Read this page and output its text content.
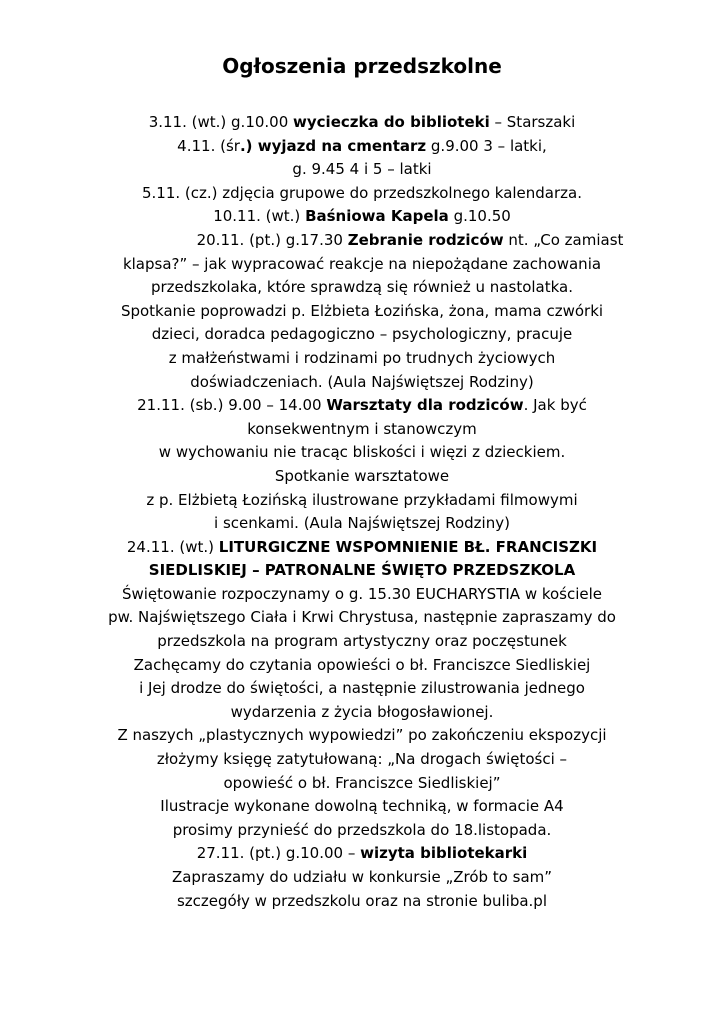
Ogłoszenia przedszkolne
3.11. (wt.) g.10.00 wycieczka do biblioteki – Starszaki
4.11. (śr.) wyjazd na cmentarz g.9.00 3 – latki,
g. 9.45 4 i 5 – latki
5.11. (cz.) zdjęcia grupowe do przedszkolnego kalendarza.
10.11. (wt.) Baśniowa Kapela g.10.50
20.11. (pt.) g.17.30 Zebranie rodziców nt. „Co zamiast
klapsa?” – jak wypracować reakcje na niepożądane zachowania
przedszkolaka, które sprawdzą się również u nastolatka.
Spotkanie poprowadzi p. Elżbieta Łozińska, żona, mama czwórki
dzieci, doradca pedagogiczno – psychologiczny, pracuje
z małżeństwami i rodzinami po trudnych życiowych
doświadczeniach. (Aula Najświętszej Rodziny)
21.11. (sb.) 9.00 – 14.00 Warsztaty dla rodziców. Jak być
konsekwentnym i stanowczym
w wychowaniu nie tracąc bliskości i więzi z dzieckiem.
Spotkanie warsztatowe
z p. Elżbietą Łozińską ilustrowane przykładami filmowymi
i scenkami. (Aula Najświętszej Rodziny)
24.11. (wt.) LITURGICZNE WSPOMNIENIE BŁ. FRANCISZKI
SIEDLISKIEJ – PATRONALNE ŚWIĘTO PRZEDSZKOLA
Świętowanie rozpoczynamy o g. 15.30 EUCHARYSTIA w kościele
pw. Najświętszego Ciała i Krwi Chrystusa, następnie zapraszamy do
przedszkola na program artystyczny oraz poczęstunek
Zachęcamy do czytania opowieści o bł. Franciszce Siedliskiej
i Jej drodze do świętości, a następnie zilustrowania jednego
wydarzenia z życia błogosławionej.
Z naszych „plastycznych wypowiedzi” po zakończeniu ekspozycji
złożymy księgę zatytułowaną: „Na drogach świętości –
opowieść o bł. Franciszce Siedliskiej”
Ilustracje wykonane dowolną techniką, w formacie A4
prosimy przynieść do przedszkola do 18.listopada.
27.11. (pt.) g.10.00 – wizyta bibliotekarki
Zapraszamy do udziału w konkursie „Zrób to sam”
szczegóły w przedszkolu oraz na stronie buliba.pl
